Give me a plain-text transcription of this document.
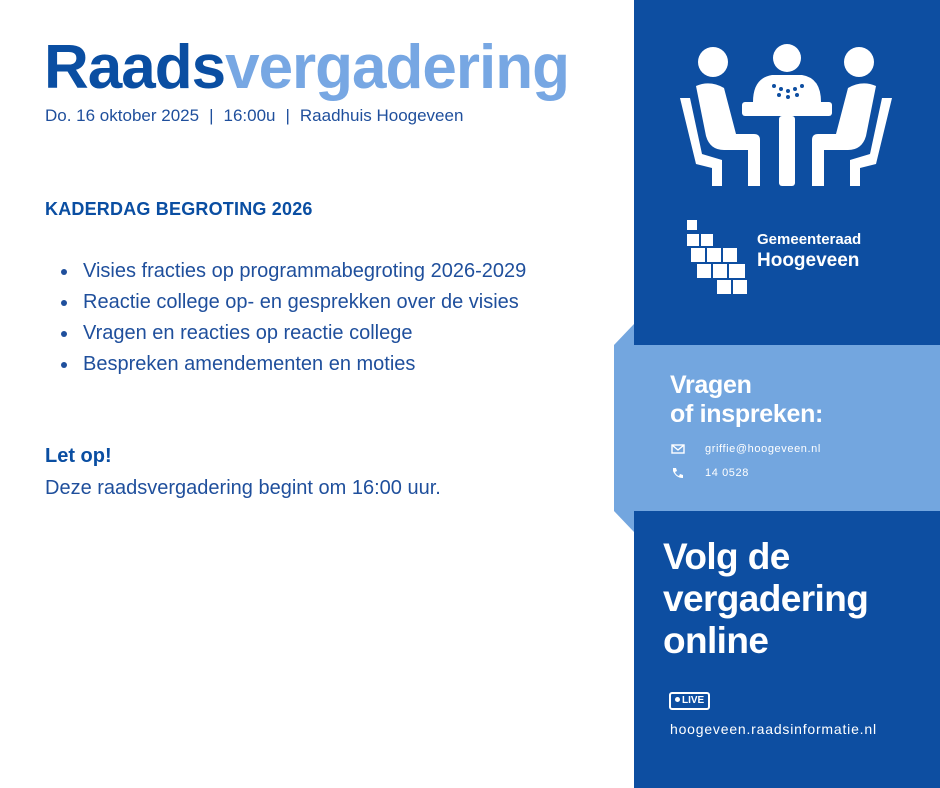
Raadsvergadering
Do. 16 oktober 2025 | 16:00u | Raadhuis Hoogeveen
KADERDAG BEGROTING 2026
Visies fracties op programmabegroting 2026-2029
Reactie college op- en gesprekken over de visies
Vragen en reacties op reactie college
Bespreken amendementen en moties
Let op!
Deze raadsvergadering begint om 16:00 uur.
Gemeenteraad
Hoogeveen
Vragen
of inspreken:
griffie@hoogeveen.nl
14 0528
Volg de
vergadering
online
LIVE
hoogeveen.raadsinformatie.nl
